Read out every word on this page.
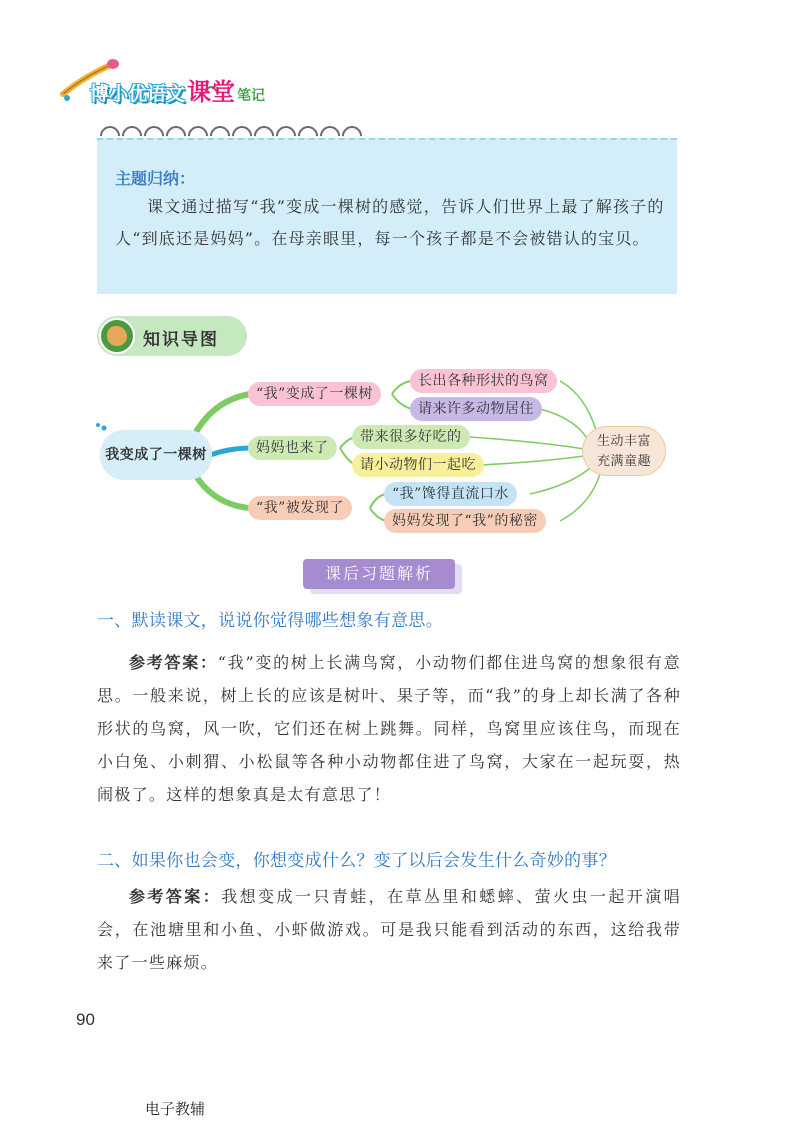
博小优语文课堂 笔记
主题归纳：
课文通过描写“我”变成一棵树的感觉，告诉人们世界上最了解孩子的人“到底还是妈妈”。在母亲眼里，每一个孩子都是不会被错认的宝贝。
知识导图
我变成了一棵树
“我”变成了一棵树
长出各种形状的鸟窝
请来许多动物居住
妈妈也来了
带来很多好吃的
请小动物们一起吃
“我”被发现了
“我”馋得直流口水
妈妈发现了“我”的秘密
生动丰富
充满童趣
课后习题解析
一、默读课文，说说你觉得哪些想象有意思。
参考答案：“我”变的树上长满鸟窝，小动物们都住进鸟窝的想象很有意思。一般来说，树上长的应该是树叶、果子等，而“我”的身上却长满了各种形状的鸟窝，风一吹，它们还在树上跳舞。同样，鸟窝里应该住鸟，而现在小白兔、小刺猬、小松鼠等各种小动物都住进了鸟窝，大家在一起玩耍，热闹极了。这样的想象真是太有意思了！
二、如果你也会变，你想变成什么？变了以后会发生什么奇妙的事？
参考答案：我想变成一只青蛙，在草丛里和蟋蟀、萤火虫一起开演唱会，在池塘里和小鱼、小虾做游戏。可是我只能看到活动的东西，这给我带来了一些麻烦。
90
电子教辅
